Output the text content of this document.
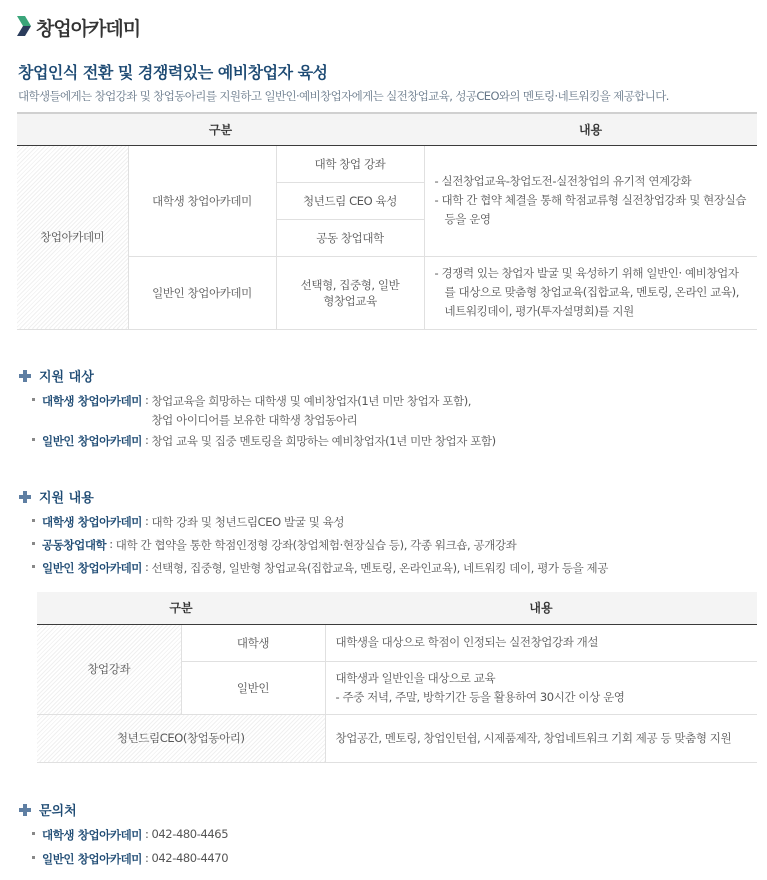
창업아카데미
창업인식 전환 및 경쟁력있는 예비창업자 육성
대학생들에게는 창업강좌 및 창업동아리를 지원하고 일반인·예비창업자에게는 실전창업교육, 성공CEO와의 멘토링·네트워킹을 제공합니다.
구분			내용
창업아카데미	대학생 창업아카데미	대학 창업 강좌	- 실전창업교육-창업도전-실전창업의 유기적 연계강화
- 대학 간 협약 체결을 통해 학점교류형 실전창업강좌 및 현장실습 등을 운영

		청년드림 CEO 육성	
		공동 창업대학	
	일반인 창업아카데미	선택형, 집중형, 일반형창업교육	- 경쟁력 있는 창업자 발굴 및 육성하기 위해 일반인· 예비창업자를 대상으로 맞춤형 창업교육(집합교육, 멘토링, 온라인 교육), 네트워킹데이, 평가(투자설명회)를 지원
지원 대상
대학생 창업아카데미 : 창업교육을 희망하는 대학생 및 예비창업자(1년 미만 창업자 포함),
창업 아이디어를 보유한 대학생 창업동아리
일반인 창업아카데미 : 창업 교육 및 집중 멘토링을 희망하는 예비창업자(1년 미만 창업자 포함)
지원 내용
대학생 창업아카데미 : 대학 강좌 및 청년드림CEO 발굴 및 육성
공동창업대학 : 대학 간 협약을 통한 학점인정형 강좌(창업체험·현장실습 등), 각종 워크숍, 공개강좌
일반인 창업아카데미 : 선택형, 집중형, 일반형 창업교육(집합교육, 멘토링, 온라인교육), 네트워킹 데이, 평가 등을 제공
구분		내용
창업강좌	대학생	대학생을 대상으로 학점이 인정되는 실전창업강좌 개설
	일반인	대학생과 일반인을 대상으로 교육
- 주중 저녁, 주말, 방학기간 등을 활용하여 30시간 이상 운영

청년드림CEO(창업동아리)		창업공간, 멘토링, 창업인턴쉽, 시제품제작, 창업네트워크 기회 제공 등 맞춤형 지원
문의처
대학생 창업아카데미 : 042-480-4465
일반인 창업아카데미 : 042-480-4470
